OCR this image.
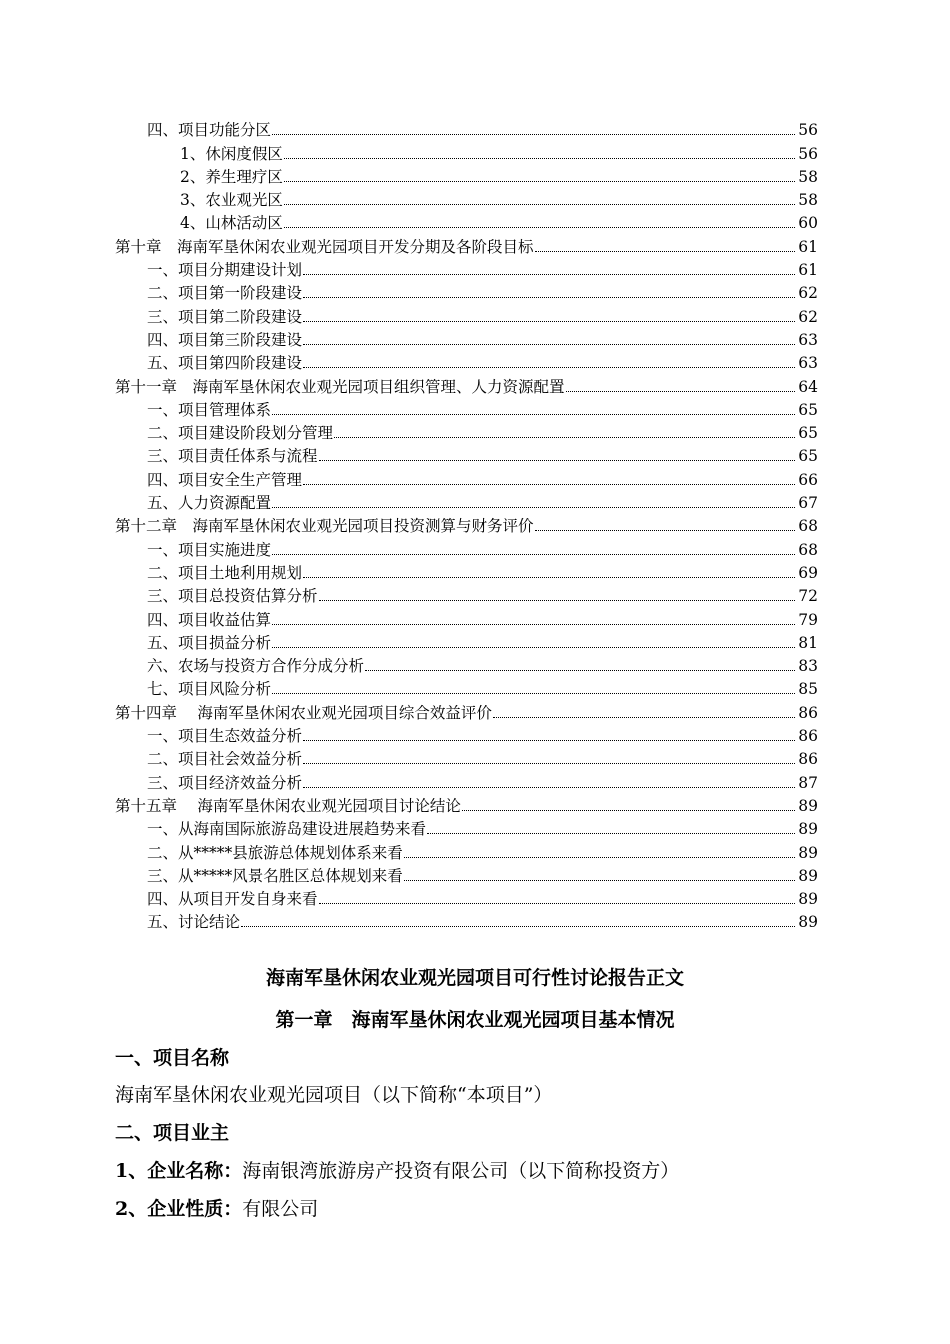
四、项目功能分区	56
1、休闲度假区	56
2、养生理疗区	58
3、农业观光区	58
4、山林活动区	60
第十章　海南军垦休闲农业观光园项目开发分期及各阶段目标	61
一、项目分期建设计划	61
二、项目第一阶段建设	62
三、项目第二阶段建设	62
四、项目第三阶段建设	63
五、项目第四阶段建设	63
第十一章　海南军垦休闲农业观光园项目组织管理、人力资源配置	64
一、项目管理体系	65
二、项目建设阶段划分管理	65
三、项目责任体系与流程	65
四、项目安全生产管理	66
五、人力资源配置	67
第十二章　海南军垦休闲农业观光园项目投资测算与财务评价	68
一、项目实施进度	68
二、项目土地利用规划	69
三、项目总投资估算分析	72
四、项目收益估算	79
五、项目损益分析	81
六、农场与投资方合作分成分析	83
七、项目风险分析	85
第十四章　 海南军垦休闲农业观光园项目综合效益评价	86
一、项目生态效益分析	86
二、项目社会效益分析	86
三、项目经济效益分析	87
第十五章　 海南军垦休闲农业观光园项目讨论结论	89
一、从海南国际旅游岛建设进展趋势来看	89
二、从*****县旅游总体规划体系来看	89
三、从*****风景名胜区总体规划来看	89
四、从项目开发自身来看	89
五、讨论结论	89
海南军垦休闲农业观光园项目可行性讨论报告正文
第一章　海南军垦休闲农业观光园项目基本情况
一、项目名称
海南军垦休闲农业观光园项目（以下简称“本项目”）
二、项目业主
1、企业名称：海南银湾旅游房产投资有限公司（以下简称投资方）
2、企业性质：有限公司
